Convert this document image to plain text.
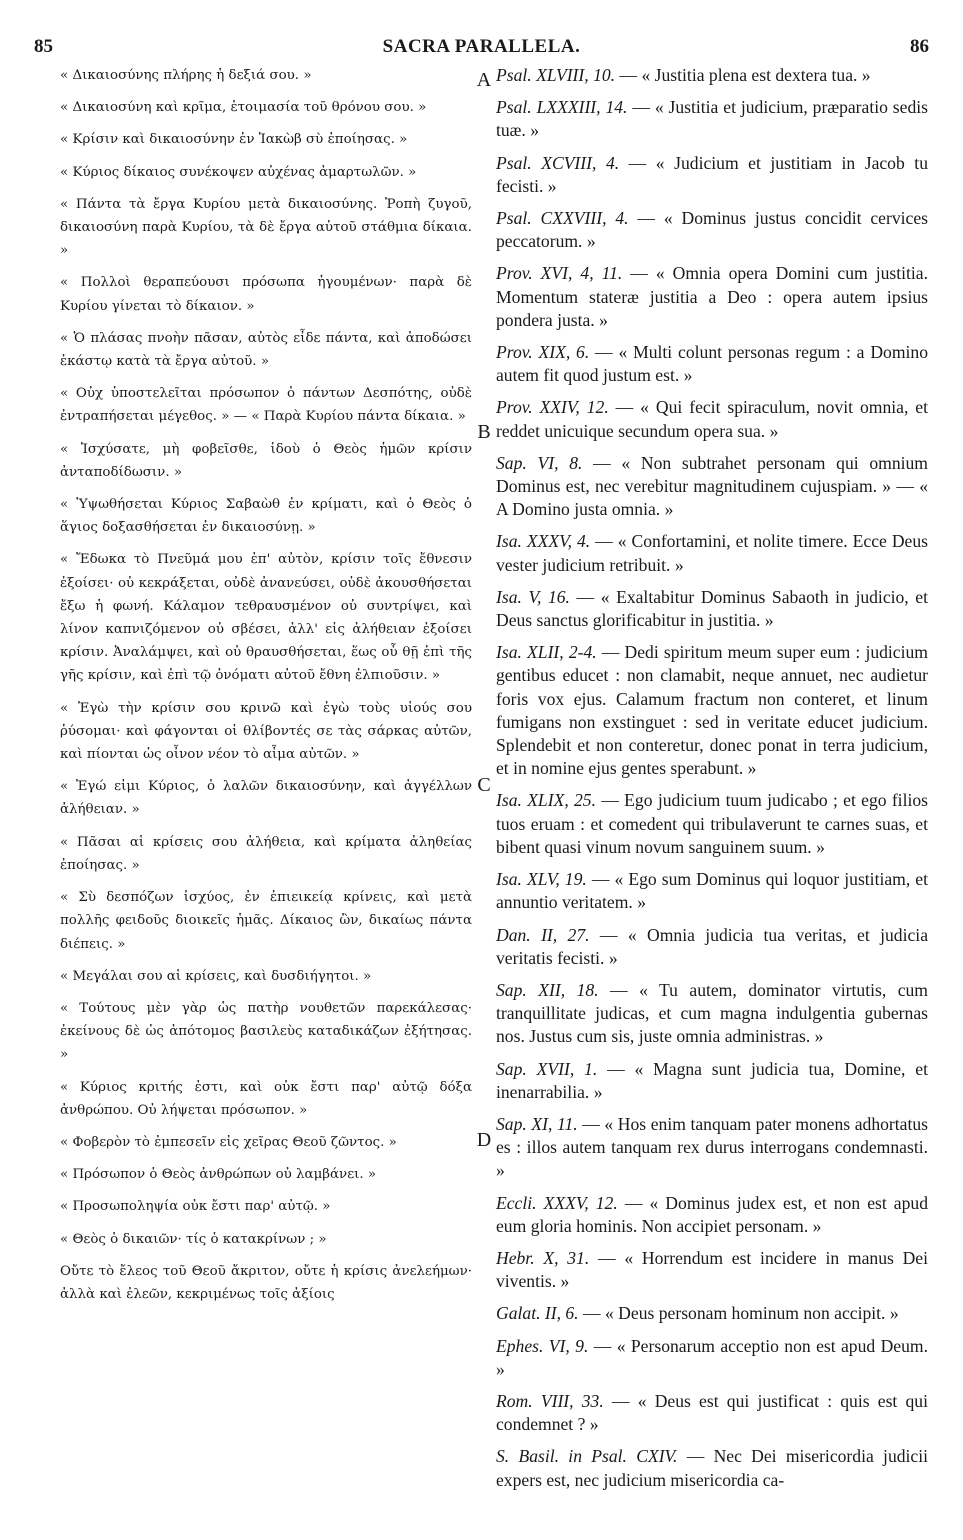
85	SACRA PARALLELA.	86
« Δικαιοσύνης πλήρης ἡ δεξιά σου. »
« Δικαιοσύνη καὶ κρῖμα, ἑτοιμασία τοῦ θρόνου σου. »
« Κρίσιν καὶ δικαιοσύνην ἐν Ἰακὼβ σὺ ἐποίησας. »
« Κύριος δίκαιος συνέκοψεν αὐχένας ἁμαρτωλῶν. »
« Πάντα τὰ ἔργα Κυρίου μετὰ δικαιοσύνης. Ῥοπὴ ζυγοῦ, δικαιοσύνη παρὰ Κυρίου, τὰ δὲ ἔργα αὐτοῦ στάθμια δίκαια. »
« Πολλοὶ θεραπεύουσι πρόσωπα ἡγουμένων· παρὰ δὲ Κυρίου γίνεται τὸ δίκαιον. »
« Ὁ πλάσας πνοὴν πᾶσαν, αὐτὸς εἶδε πάντα, καὶ ἀποδώσει ἑκάστῳ κατὰ τὰ ἔργα αὐτοῦ. »
« Οὐχ ὑποστελεῖται πρόσωπον ὁ πάντων Δεσπότης, οὐδὲ ἐντραπήσεται μέγεθος. » — « Παρὰ Κυρίου πάντα δίκαια. »
« Ἰσχύσατε, μὴ φοβεῖσθε, ἰδοὺ ὁ Θεὸς ἡμῶν κρίσιν ἀνταποδίδωσιν. »
« Ὑψωθήσεται Κύριος Σαβαὼθ ἐν κρίματι, καὶ ὁ Θεὸς ὁ ἅγιος δοξασθήσεται ἐν δικαιοσύνῃ. »
« Ἔδωκα τὸ Πνεῦμά μου ἐπ' αὐτὸν, κρίσιν τοῖς ἔθνεσιν ἐξοίσει· οὐ κεκράξεται, οὐδὲ ἀνανεύσει, οὐδὲ ἀκουσθήσεται ἔξω ἡ φωνή. Κάλαμον τεθραυσμένον οὐ συντρίψει, καὶ λίνον καπνιζόμενον οὐ σβέσει, ἀλλ' εἰς ἀλήθειαν ἐξοίσει κρίσιν. Ἀναλάμψει, καὶ οὐ θραυσθήσεται, ἕως οὗ θῇ ἐπὶ τῆς γῆς κρίσιν, καὶ ἐπὶ τῷ ὀνόματι αὐτοῦ ἔθνη ἐλπιοῦσιν. »
« Ἐγὼ τὴν κρίσιν σου κρινῶ καὶ ἐγὼ τοὺς υἱούς σου ῥύσομαι· καὶ φάγονται οἱ θλίβοντές σε τὰς σάρκας αὐτῶν, καὶ πίονται ὡς οἶνον νέον τὸ αἷμα αὐτῶν. »
« Ἐγώ εἰμι Κύριος, ὁ λαλῶν δικαιοσύνην, καὶ ἀγγέλλων ἀλήθειαν. »
« Πᾶσαι αἱ κρίσεις σου ἀλήθεια, καὶ κρίματα ἀληθείας ἐποίησας. »
« Σὺ δεσπόζων ἰσχύος, ἐν ἐπιεικείᾳ κρίνεις, καὶ μετὰ πολλῆς φειδοῦς διοικεῖς ἡμᾶς. Δίκαιος ὢν, δικαίως πάντα διέπεις. »
« Μεγάλαι σου αἱ κρίσεις, καὶ δυσδιήγητοι. »
« Τούτους μὲν γὰρ ὡς πατὴρ νουθετῶν παρεκάλεσας· ἐκείνους δὲ ὡς ἀπότομος βασιλεὺς καταδικάζων ἐξήτησας. »
« Κύριος κριτής ἐστι, καὶ οὐκ ἔστι παρ' αὐτῷ δόξα ἀνθρώπου. Οὐ λήψεται πρόσωπον. »
« Φοβερὸν τὸ ἐμπεσεῖν εἰς χεῖρας Θεοῦ ζῶντος. »
« Πρόσωπον ὁ Θεὸς ἀνθρώπων οὐ λαμβάνει. »
« Προσωποληψία οὐκ ἔστι παρ' αὐτῷ. »
« Θεὸς ὁ δικαιῶν· τίς ὁ κατακρίνων ; »
Οὔτε τὸ ἔλεος τοῦ Θεοῦ ἄκριτον, οὔτε ἡ κρίσις ἀνελεήμων· ἀλλὰ καὶ ἐλεῶν, κεκριμένως τοῖς ἀξίοις
Psal. XLVIII, 10. — « Justitia plena est dextera tua. »
Psal. LXXXIII, 14. — « Justitia et judicium, præparatio sedis tuæ. »
Psal. XCVIII, 4. — « Judicium et justitiam in Jacob tu fecisti. »
Psal. CXXVIII, 4. — « Dominus justus concidit cervices peccatorum. »
Prov. XVI, 4, 11. — « Omnia opera Domini cum justitia. Momentum stateræ justitia a Deo : opera autem ipsius pondera justa. »
Prov. XIX, 6. — « Multi colunt personas regum : a Domino autem fit quod justum est. »
Prov. XXIV, 12. — « Qui fecit spiraculum, novit omnia, et reddet unicuique secundum opera sua. »
Sap. VI, 8. — « Non subtrahet personam qui omnium Dominus est, nec verebitur magnitudinem cujuspiam. » — « A Domino justa omnia. »
Isa. XXXV, 4. — « Confortamini, et nolite timere. Ecce Deus vester judicium retribuit. »
Isa. V, 16. — « Exaltabitur Dominus Sabaoth in judicio, et Deus sanctus glorificabitur in justitia. »
Isa. XLII, 2-4. — Dedi spiritum meum super eum : judicium gentibus educet : non clamabit, neque annuet, nec audietur foris vox ejus. Calamum fractum non conteret, et linum fumigans non exstinguet : sed in veritate educet judicium. Splendebit et non conteretur, donec ponat in terra judicium, et in nomine ejus gentes sperabunt. »
Isa. XLIX, 25. — Ego judicium tuum judicabo ; et ego filios tuos eruam : et comedent qui tribulaverunt te carnes suas, et bibent quasi vinum novum sanguinem suum. »
Isa. XLV, 19. — « Ego sum Dominus qui loquor justitiam, et annuntio veritatem. »
Dan. II, 27. — « Omnia judicia tua veritas, et judicia veritatis fecisti. »
Sap. XII, 18. — « Tu autem, dominator virtutis, cum tranquillitate judicas, et cum magna indulgentia gubernas nos. Justus cum sis, juste omnia administras. »
Sap. XVII, 1. — « Magna sunt judicia tua, Domine, et inenarrabilia. »
Sap. XI, 11. — « Hos enim tanquam pater monens adhortatus es : illos autem tanquam rex durus interrogans condemnasti. »
Eccli. XXXV, 12. — « Dominus judex est, et non est apud eum gloria hominis. Non accipiet personam. »
Hebr. X, 31. — « Horrendum est incidere in manus Dei viventis. »
Galat. II, 6. — « Deus personam hominum non accipit. »
Ephes. VI, 9. — « Personarum acceptio non est apud Deum. »
Rom. VIII, 33. — « Deus est qui justificat : quis est qui condemnet ? »
S. Basil. in Psal. CXIV. — Nec Dei misericordia judicii expers est, nec judicium misericordia ca-
A
B
C
D
